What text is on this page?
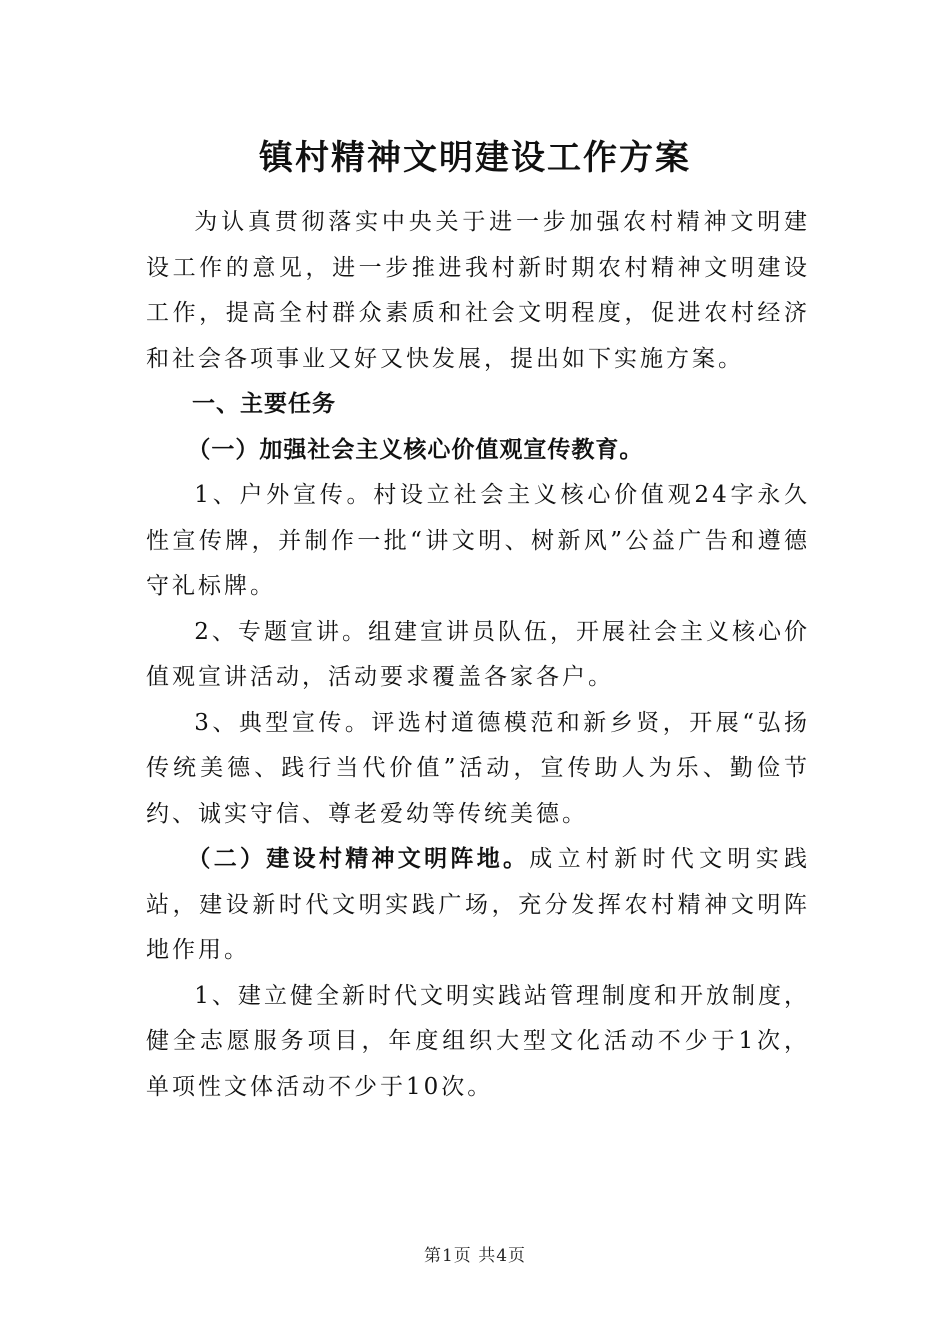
镇村精神文明建设工作方案

为认真贯彻落实中央关于进一步加强农村精神文明建设工作的意见，进一步推进我村新时期农村精神文明建设工作，提高全村群众素质和社会文明程度，促进农村经济和社会各项事业又好又快发展，提出如下实施方案。

一、主要任务

（一）加强社会主义核心价值观宣传教育。

1、户外宣传。村设立社会主义核心价值观24字永久性宣传牌，并制作一批“讲文明、树新风”公益广告和遵德守礼标牌。

2、专题宣讲。组建宣讲员队伍，开展社会主义核心价值观宣讲活动，活动要求覆盖各家各户。

3、典型宣传。评选村道德模范和新乡贤，开展“弘扬传统美德、践行当代价值”活动，宣传助人为乐、勤俭节约、诚实守信、尊老爱幼等传统美德。

（二）建设村精神文明阵地。成立村新时代文明实践站，建设新时代文明实践广场，充分发挥农村精神文明阵地作用。

1、建立健全新时代文明实践站管理制度和开放制度，健全志愿服务项目，年度组织大型文化活动不少于1次，单项性文体活动不少于10次。

第1页 共4页
